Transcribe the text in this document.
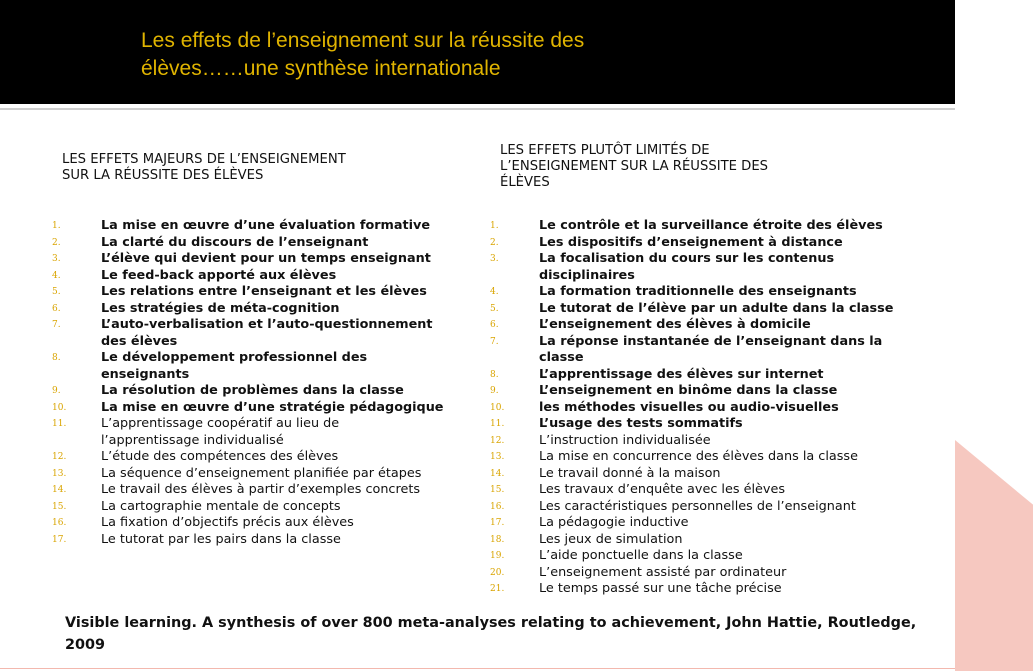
Les effets de l’enseignement sur la réussite des
élèves……une synthèse internationale
LES EFFETS MAJEURS DE L’ENSEIGNEMENT
SUR LA RÉUSSITE DES ÉLÈVES
LES EFFETS PLUTÔT LIMITÉS DE
L’ENSEIGNEMENT SUR LA RÉUSSITE DES
ÉLÈVES
1.	La mise en œuvre d’une évaluation formative
2.	La clarté du discours de l’enseignant
3.	L’élève qui devient pour un temps enseignant
4.	Le feed-back apporté aux élèves
5.	Les relations entre l’enseignant et les élèves
6.	Les stratégies de méta-cognition
7.	L’auto-verbalisation et l’auto-questionnement
des élèves
8.	Le développement professionnel des
enseignants
9.	La résolution de problèmes dans la classe
10.	La mise en œuvre d’une stratégie pédagogique
11.	L’apprentissage coopératif au lieu de
l’apprentissage individualisé
12.	L’étude des compétences des élèves
13.	La séquence d’enseignement planifiée par étapes
14.	Le travail des élèves à partir d’exemples concrets
15.	La cartographie mentale de concepts
16.	La fixation d’objectifs précis aux élèves
17.	Le tutorat par les pairs dans la classe
1.	Le contrôle et la surveillance étroite des élèves
2.	Les dispositifs d’enseignement à distance
3.	La focalisation du cours sur les contenus
disciplinaires
4.	La formation traditionnelle des enseignants
5.	Le tutorat de l’élève par un adulte dans la classe
6.	L’enseignement des élèves à domicile
7.	La réponse instantanée de l’enseignant dans la
classe
8.	L’apprentissage des élèves sur internet
9.	L’enseignement en binôme dans la classe
10.	les méthodes visuelles ou audio-visuelles
11.	L’usage des tests sommatifs
12.	L’instruction individualisée
13.	La mise en concurrence des élèves dans la classe
14.	Le travail donné à la maison
15.	Les travaux d’enquête avec les élèves
16.	Les caractéristiques personnelles de l’enseignant
17.	La pédagogie inductive
18.	Les jeux de simulation
19.	L’aide ponctuelle dans la classe
20.	L’enseignement assisté par ordinateur
21.	Le temps passé sur une tâche précise
Visible learning. A synthesis of over 800 meta-analyses relating to achievement, John Hattie, Routledge,
2009
